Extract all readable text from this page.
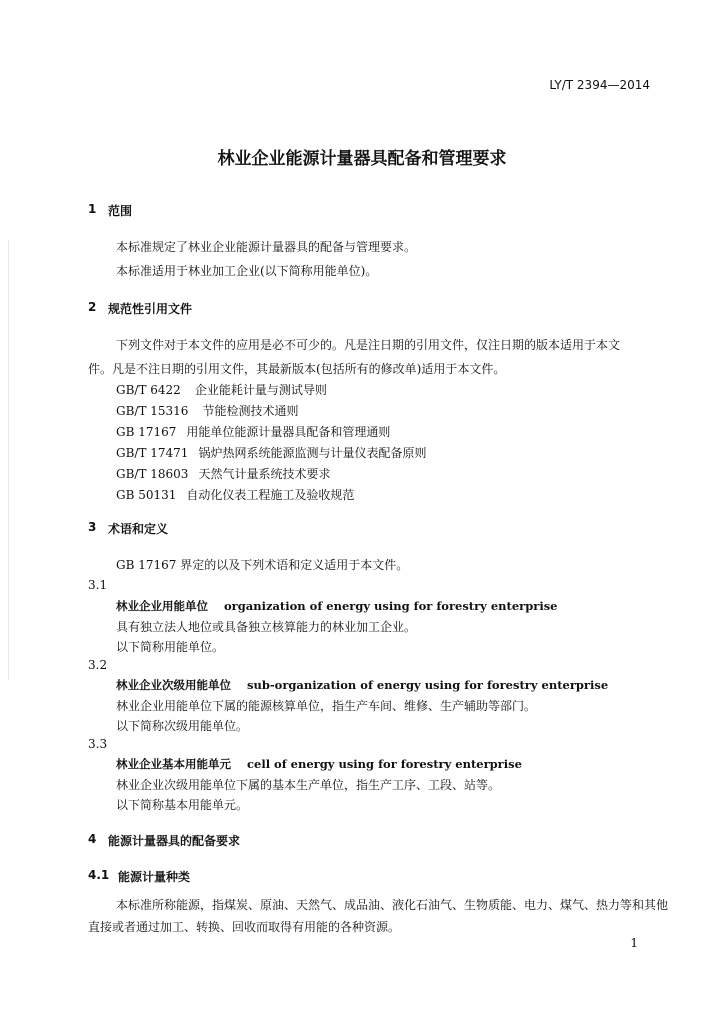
LY/T 2394—2014
林业企业能源计量器具配备和管理要求
1 范围
本标准规定了林业企业能源计量器具的配备与管理要求。
本标准适用于林业加工企业(以下简称用能单位)。
2 规范性引用文件
下列文件对于本文件的应用是必不可少的。凡是注日期的引用文件，仅注日期的版本适用于本文
件。凡是不注日期的引用文件，其最新版本(包括所有的修改单)适用于本文件。
GB/T 6422 企业能耗计量与测试导则
GB/T 15316 节能检测技术通则
GB 17167 用能单位能源计量器具配备和管理通则
GB/T 17471 锅炉热网系统能源监测与计量仪表配备原则
GB/T 18603 天然气计量系统技术要求
GB 50131 自动化仪表工程施工及验收规范
3 术语和定义
GB 17167 界定的以及下列术语和定义适用于本文件。
3.1
林业企业用能单位 organization of energy using for forestry enterprise
具有独立法人地位或具备独立核算能力的林业加工企业。
以下简称用能单位。
3.2
林业企业次级用能单位 sub-organization of energy using for forestry enterprise
林业企业用能单位下属的能源核算单位，指生产车间、维修、生产辅助等部门。
以下简称次级用能单位。
3.3
林业企业基本用能单元 cell of energy using for forestry enterprise
林业企业次级用能单位下属的基本生产单位，指生产工序、工段、站等。
以下简称基本用能单元。
4 能源计量器具的配备要求
4.1 能源计量种类
本标准所称能源，指煤炭、原油、天然气、成品油、液化石油气、生物质能、电力、煤气、热力等和其他
直接或者通过加工、转换、回收而取得有用能的各种资源。
1
